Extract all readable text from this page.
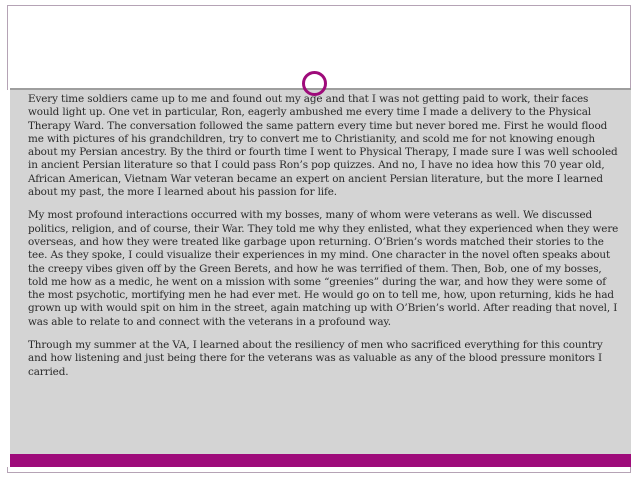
Every time soldiers came up to me and found out my age and that I was not getting paid to work, their faces would light up. One vet in particular, Ron, eagerly ambushed me every time I made a delivery to the Physical Therapy Ward. The conversation followed the same pattern every time but never bored me. First he would flood me with pictures of his grandchildren, try to convert me to Christianity, and scold me for not knowing enough about my Persian ancestry. By the third or fourth time I went to Physical Therapy, I made sure I was well schooled in ancient Persian literature so that I could pass Ron’s pop quizzes. And no, I have no idea how this 70 year old, African American, Vietnam War veteran became an expert on ancient Persian literature, but the more I learned about my past, the more I learned about his passion for life.

My most profound interactions occurred with my bosses, many of whom were veterans as well. We discussed politics, religion, and of course, their War. They told me why they enlisted, what they experienced when they were overseas, and how they were treated like garbage upon returning. O’Brien’s words matched their stories to the tee. As they spoke, I could visualize their experiences in my mind. One character in the novel often speaks about the creepy vibes given off by the Green Berets, and how he was terrified of them. Then, Bob, one of my bosses, told me how as a medic, he went on a mission with some “greenies” during the war, and how they were some of the most psychotic, mortifying men he had ever met. He would go on to tell me, how, upon returning, kids he had grown up with would spit on him in the street, again matching up with O’Brien’s world. After reading that novel, I was able to relate to and connect with the veterans in a profound way.

Through my summer at the VA, I learned about the resiliency of men who sacrificed everything for this country and how listening and just being there for the veterans was as valuable as any of the blood pressure monitors I carried.
